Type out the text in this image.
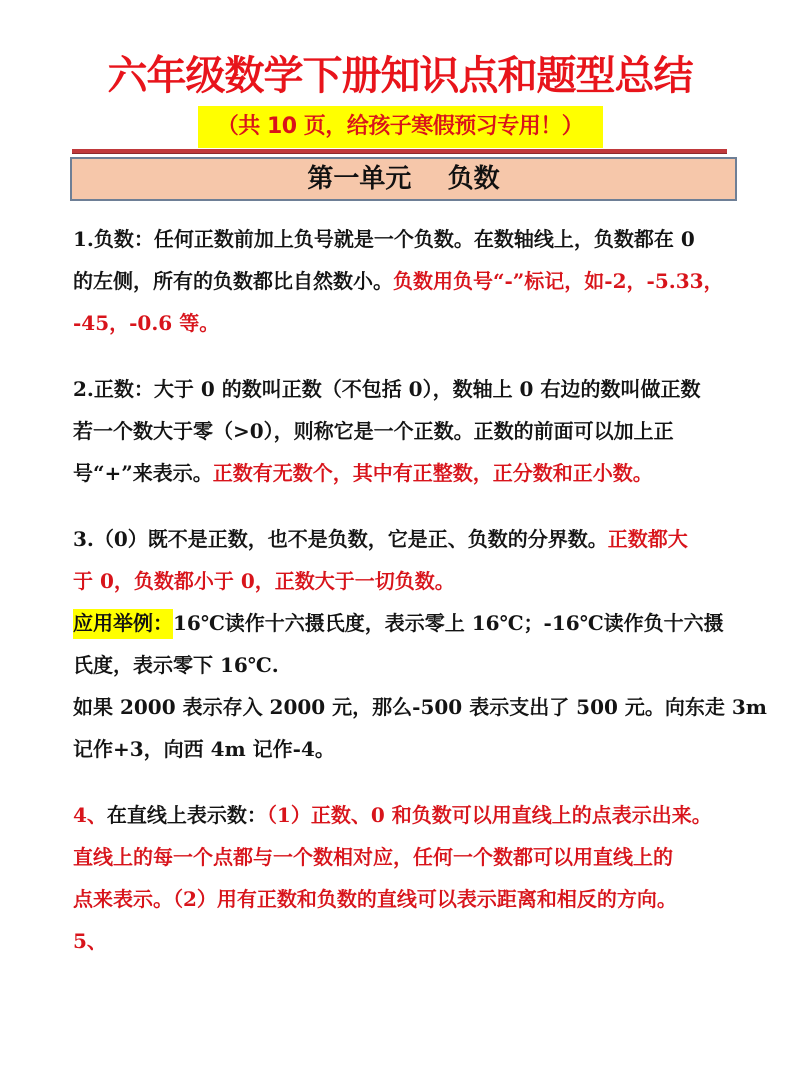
六年级数学下册知识点和题型总结
（共 10 页，给孩子寒假预习专用！）
第一单元    负数
1.负数：任何正数前加上负号就是一个负数。在数轴线上，负数都在 0
的左侧，所有的负数都比自然数小。负数用负号“-”标记，如-2，-5.33，
-45，-0.6 等。
2.正数：大于 0 的数叫正数（不包括 0），数轴上 0 右边的数叫做正数
若一个数大于零（>0），则称它是一个正数。正数的前面可以加上正
号“+”来表示。正数有无数个，其中有正整数，正分数和正小数。
3.（0）既不是正数，也不是负数，它是正、负数的分界数。正数都大
于 0，负数都小于 0，正数大于一切负数。
应用举例：16℃读作十六摄氏度，表示零上 16℃；-16℃读作负十六摄
氏度，表示零下 16℃.
如果 2000 表示存入 2000 元，那么-500 表示支出了 500 元。向东走 3m
记作+3，向西 4m 记作-4。
4、在直线上表示数：（1）正数、0 和负数可以用直线上的点表示出来。
直线上的每一个点都与一个数相对应，任何一个数都可以用直线上的
点来表示。（2）用有正数和负数的直线可以表示距离和相反的方向。
5、
